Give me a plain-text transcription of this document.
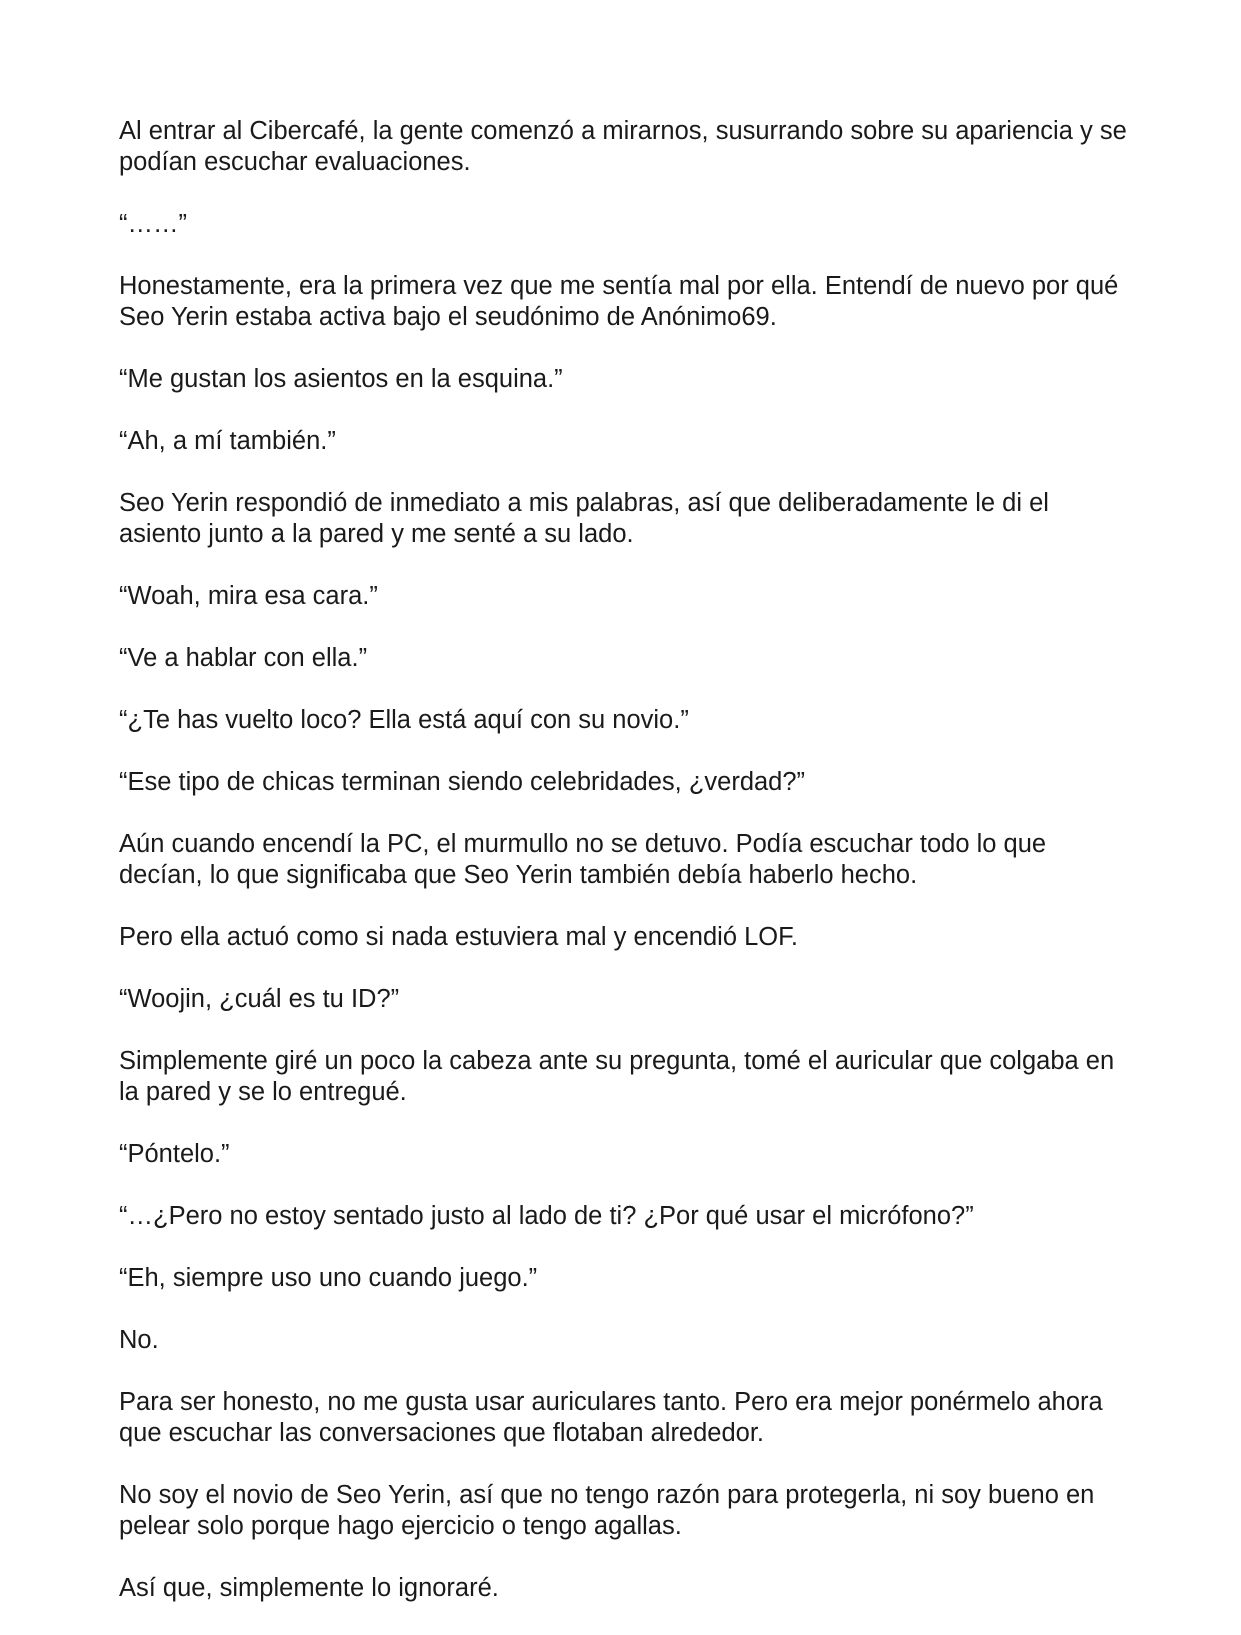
Al entrar al Cibercafé, la gente comenzó a mirarnos, susurrando sobre su apariencia y se podían escuchar evaluaciones.

“……”

Honestamente, era la primera vez que me sentía mal por ella. Entendí de nuevo por qué Seo Yerin estaba activa bajo el seudónimo de Anónimo69.

“Me gustan los asientos en la esquina.”

“Ah, a mí también.”

Seo Yerin respondió de inmediato a mis palabras, así que deliberadamente le di el asiento junto a la pared y me senté a su lado.

“Woah, mira esa cara.”

“Ve a hablar con ella.”

“¿Te has vuelto loco? Ella está aquí con su novio.”

“Ese tipo de chicas terminan siendo celebridades, ¿verdad?”

Aún cuando encendí la PC, el murmullo no se detuvo. Podía escuchar todo lo que decían, lo que significaba que Seo Yerin también debía haberlo hecho.

Pero ella actuó como si nada estuviera mal y encendió LOF.

“Woojin, ¿cuál es tu ID?”

Simplemente giré un poco la cabeza ante su pregunta, tomé el auricular que colgaba en la pared y se lo entregué.

“Póntelo.”

“…¿Pero no estoy sentado justo al lado de ti? ¿Por qué usar el micrófono?”

“Eh, siempre uso uno cuando juego.”

No.

Para ser honesto, no me gusta usar auriculares tanto. Pero era mejor ponérmelo ahora que escuchar las conversaciones que flotaban alrededor.

No soy el novio de Seo Yerin, así que no tengo razón para protegerla, ni soy bueno en pelear solo porque hago ejercicio o tengo agallas.

Así que, simplemente lo ignoraré.
